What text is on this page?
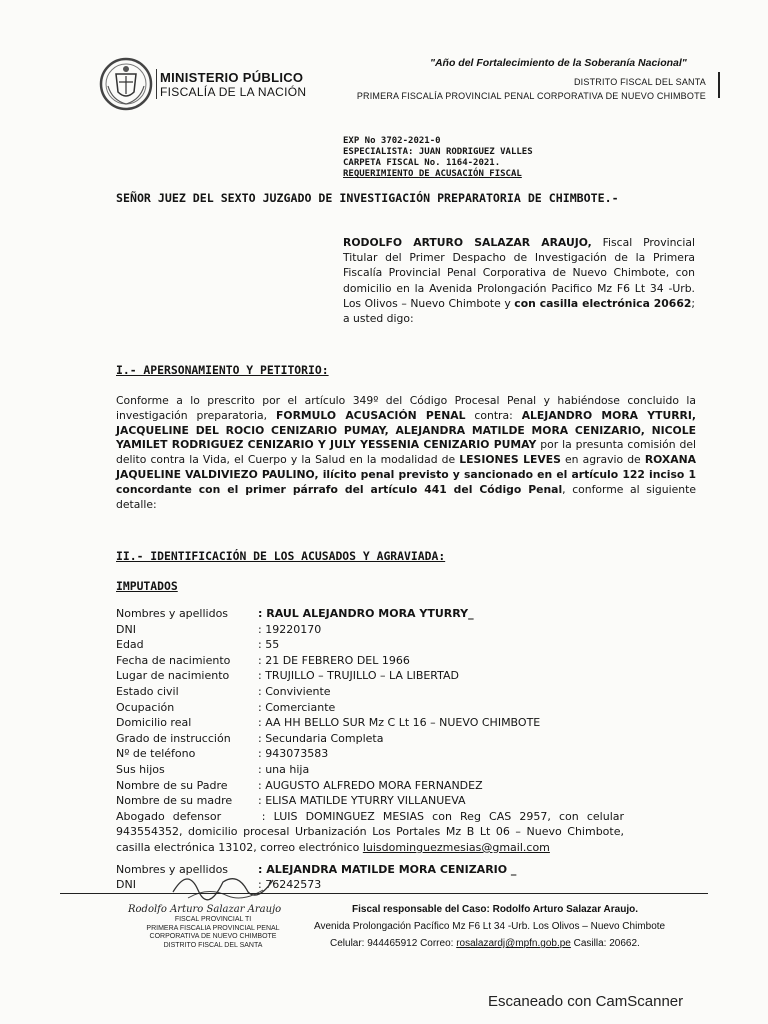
MINISTERIO PÚBLICO
FISCALÍA DE LA NACIÓN
"Año del Fortalecimiento de la Soberanía Nacional"
DISTRITO FISCAL DEL SANTA
PRIMERA FISCALÍA PROVINCIAL PENAL CORPORATIVA DE NUEVO CHIMBOTE
EXP No 3702-2021-0
ESPECIALISTA: JUAN RODRIGUEZ VALLES
CARPETA FISCAL No. 1164-2021.
REQUERIMIENTO DE ACUSACIÓN FISCAL
SEÑOR JUEZ DEL SEXTO JUZGADO DE INVESTIGACIÓN PREPARATORIA DE CHIMBOTE.-
RODOLFO ARTURO SALAZAR ARAUJO, Fiscal Provincial Titular del Primer Despacho de Investigación de la Primera Fiscalía Provincial Penal Corporativa de Nuevo Chimbote, con domicilio en la Avenida Prolongación Pacifico Mz F6 Lt 34 -Urb. Los Olivos – Nuevo Chimbote y con casilla electrónica 20662; a usted digo:
I.- APERSONAMIENTO Y PETITORIO:
Conforme a lo prescrito por el artículo 349º del Código Procesal Penal y habiéndose concluido la investigación preparatoria, FORMULO ACUSACIÓN PENAL contra: ALEJANDRO MORA YTURRI, JACQUELINE DEL ROCIO CENIZARIO PUMAY, ALEJANDRA MATILDE MORA CENIZARIO, NICOLE YAMILET RODRIGUEZ CENIZARIO Y JULY YESSENIA CENIZARIO PUMAY por la presunta comisión del delito contra la Vida, el Cuerpo y la Salud en la modalidad de LESIONES LEVES en agravio de ROXANA JAQUELINE VALDIVIEZO PAULINO, ilícito penal previsto y sancionado en el artículo 122 inciso 1 concordante con el primer párrafo del artículo 441 del Código Penal, conforme al siguiente detalle:
II.- IDENTIFICACIÓN DE LOS ACUSADOS Y AGRAVIADA:
IMPUTADOS
Nombres y apellidos	: RAUL ALEJANDRO MORA YTURRY_
DNI	: 19220170
Edad	: 55
Fecha de nacimiento	: 21 DE FEBRERO DEL 1966
Lugar de nacimiento	: TRUJILLO – TRUJILLO – LA LIBERTAD
Estado civil	: Conviviente
Ocupación	: Comerciante
Domicilio real	: AA HH BELLO SUR Mz C Lt 16 – NUEVO CHIMBOTE
Grado de instrucción : Secundaria Completa
Nº de teléfono	: 943073583
Sus hijos	: una hija
Nombre de su Padre	: AUGUSTO ALFREDO MORA FERNANDEZ
Nombre de su madre : ELISA MATILDE YTURRY VILLANUEVA
Abogado defensor	: LUIS DOMINGUEZ MESIAS con Reg CAS 2957, con celular 943554352, domicilio procesal Urbanización Los Portales Mz B Lt 06 – Nuevo Chimbote, casilla electrónica 13102, correo electrónico luisdominguezmesias@gmail.com
Nombres y apellidos	: ALEJANDRA MATILDE MORA CENIZARIO _
DNI	: 76242573
Rodolfo Arturo Salazar Araujo
FISCAL PROVINCIAL TI
PRIMERA FISCALIA PROVINCIAL PENAL
CORPORATIVA DE NUEVO CHIMBOTE
DISTRITO FISCAL DEL SANTA
Fiscal responsable del Caso: Rodolfo Arturo Salazar Araujo.
Avenida Prolongación Pacífico Mz F6 Lt 34 -Urb. Los Olivos – Nuevo Chimbote
Celular: 944465912 Correo: rosalazardj@mpfn.gob.pe Casilla: 20662.
Escaneado con CamScanner
